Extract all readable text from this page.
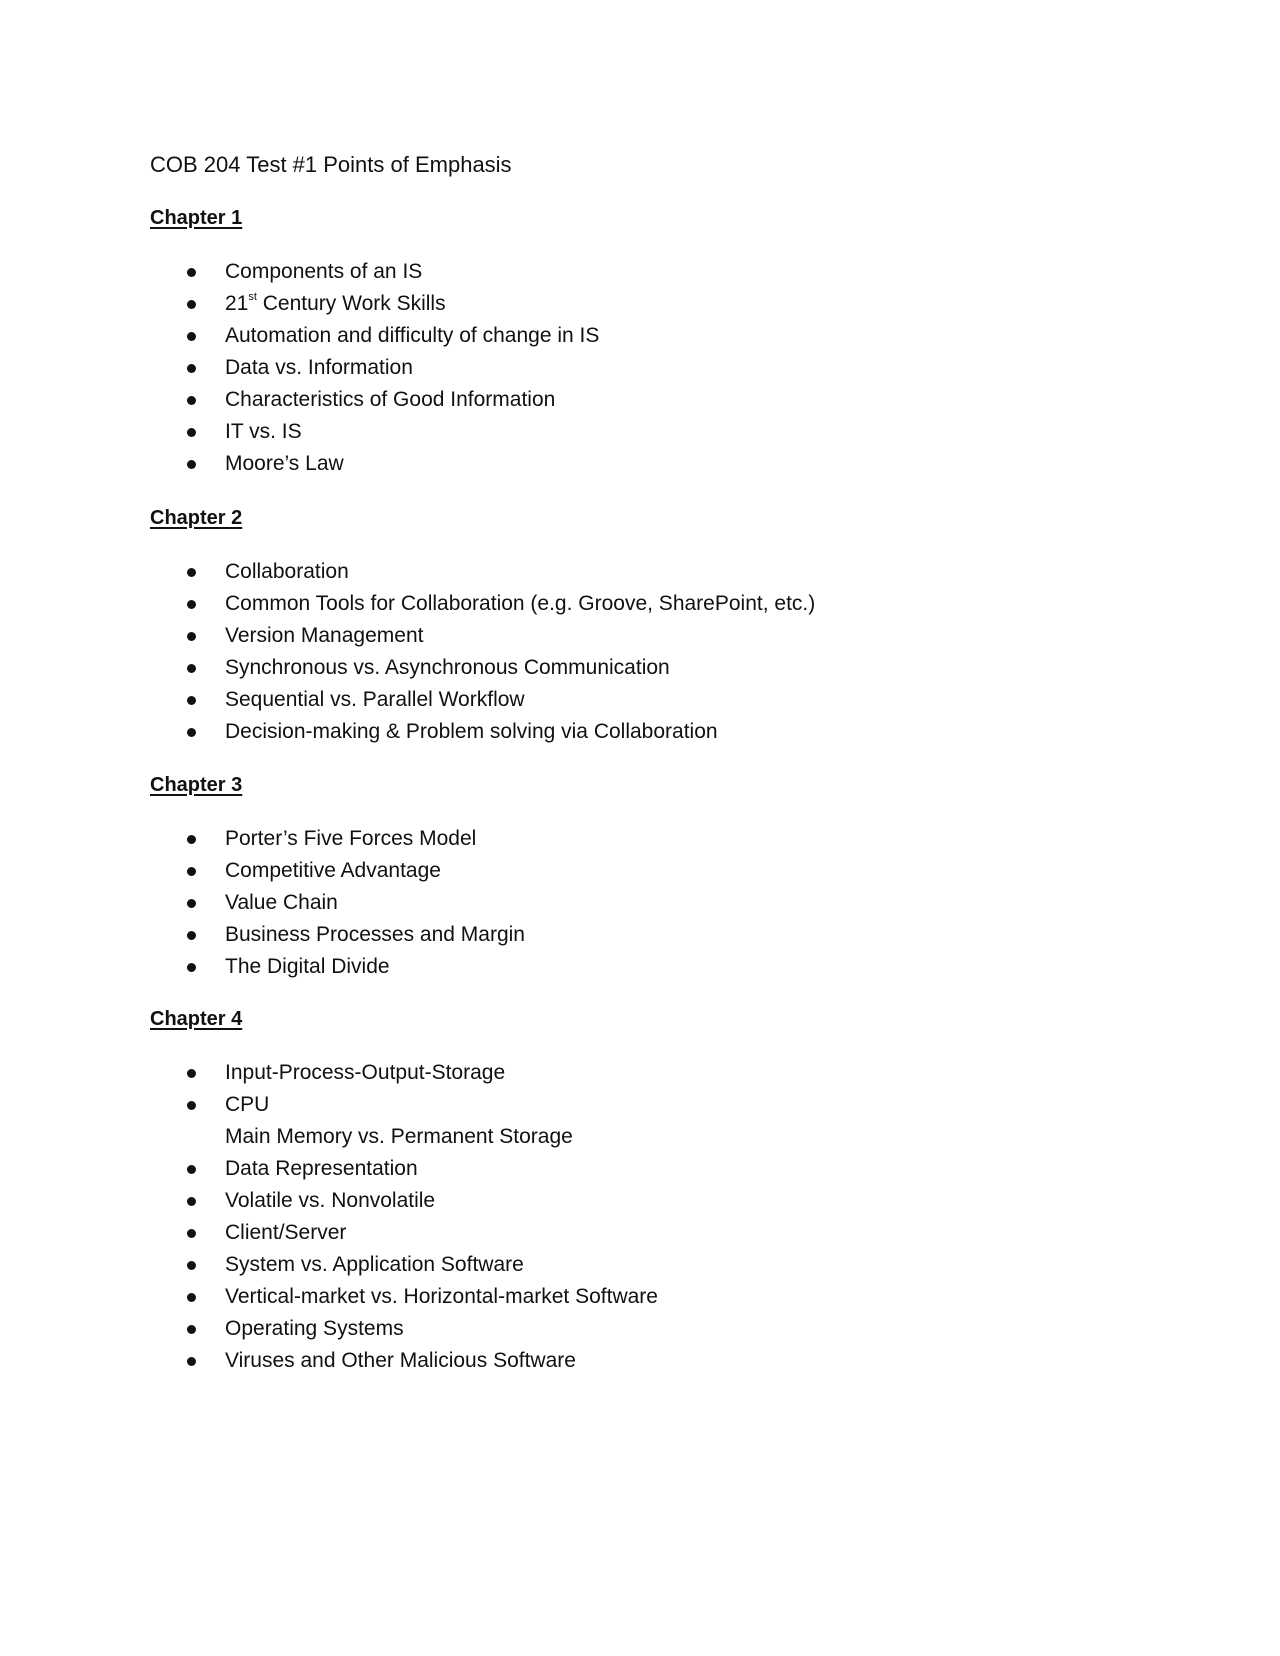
COB 204 Test #1 Points of Emphasis
Chapter 1
Components of an IS
21st Century Work Skills
Automation and difficulty of change in IS
Data vs. Information
Characteristics of Good Information
IT vs. IS
Moore’s Law
Chapter 2
Collaboration
Common Tools for Collaboration (e.g. Groove, SharePoint, etc.)
Version Management
Synchronous vs. Asynchronous Communication
Sequential vs. Parallel Workflow
Decision-making & Problem solving via Collaboration
Chapter 3
Porter’s Five Forces Model
Competitive Advantage
Value Chain
Business Processes and Margin
The Digital Divide
Chapter 4
Input-Process-Output-Storage
CPU
Main Memory vs. Permanent Storage
Data Representation
Volatile vs. Nonvolatile
Client/Server
System vs. Application Software
Vertical-market vs. Horizontal-market Software
Operating Systems
Viruses and Other Malicious Software
